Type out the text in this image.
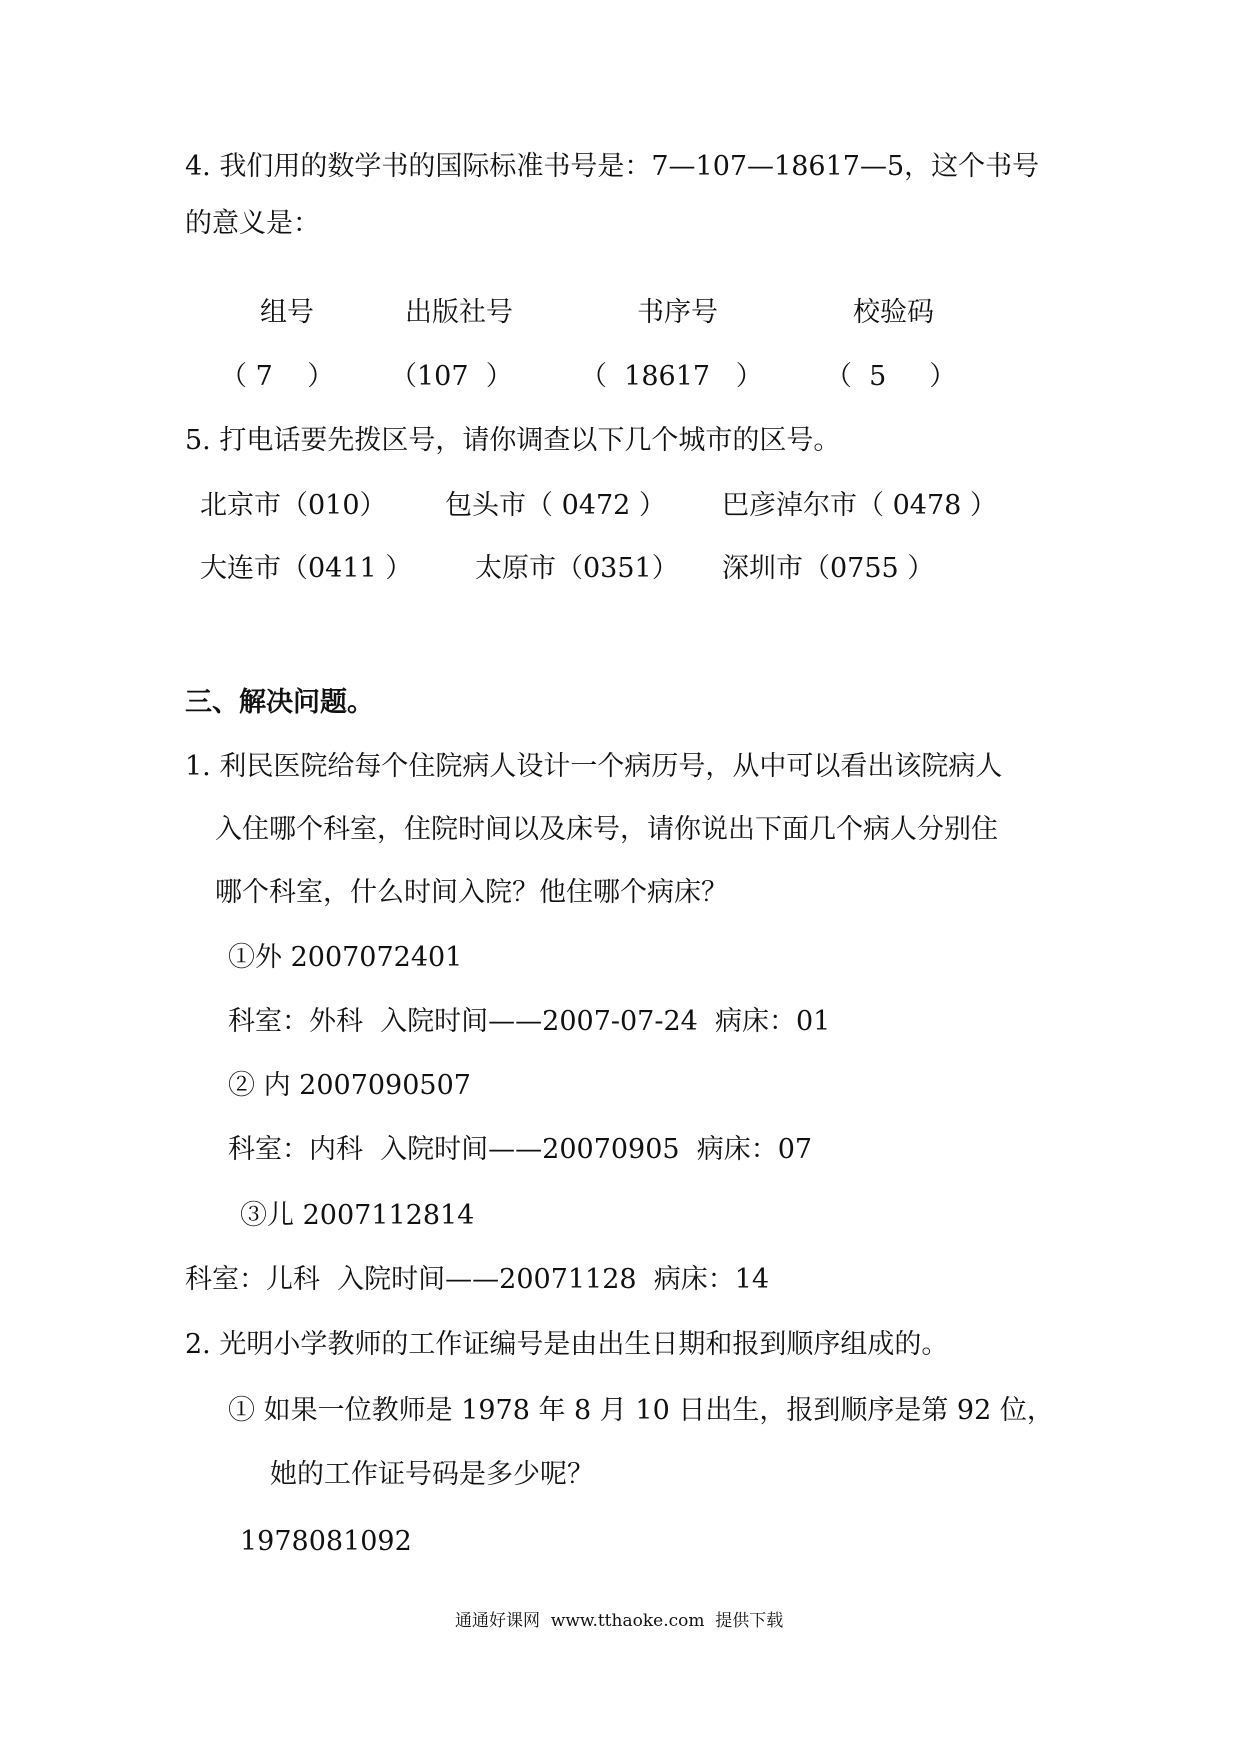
4. 我们用的数学书的国际标准书号是：7—107—18617—5，这个书号
的意义是：
组号	出版社号	书序号	校验码
（ 7    ） （107  ） （  18617   ） （  5     ）
5. 打电话要先拨区号，请你调查以下几个城市的区号。
北京市（010） 包头市（ 0472 ） 巴彦淖尔市（ 0478 ）
大连市（0411 ） 太原市（0351） 深圳市（0755 ）
三、解决问题。
1. 利民医院给每个住院病人设计一个病历号，从中可以看出该院病人
入住哪个科室，住院时间以及床号，请你说出下面几个病人分别住
哪个科室，什么时间入院？他住哪个病床？
①外 2007072401
科室：外科  入院时间——2007-07-24  病床：01
② 内 2007090507
科室：内科  入院时间——20070905  病床：07
③儿 2007112814
科室：儿科  入院时间——20071128  病床：14
2. 光明小学教师的工作证编号是由出生日期和报到顺序组成的。
① 如果一位教师是 1978 年 8 月 10 日出生，报到顺序是第 92 位，
她的工作证号码是多少呢？
1978081092
通通好课网  www.tthaoke.com  提供下载
